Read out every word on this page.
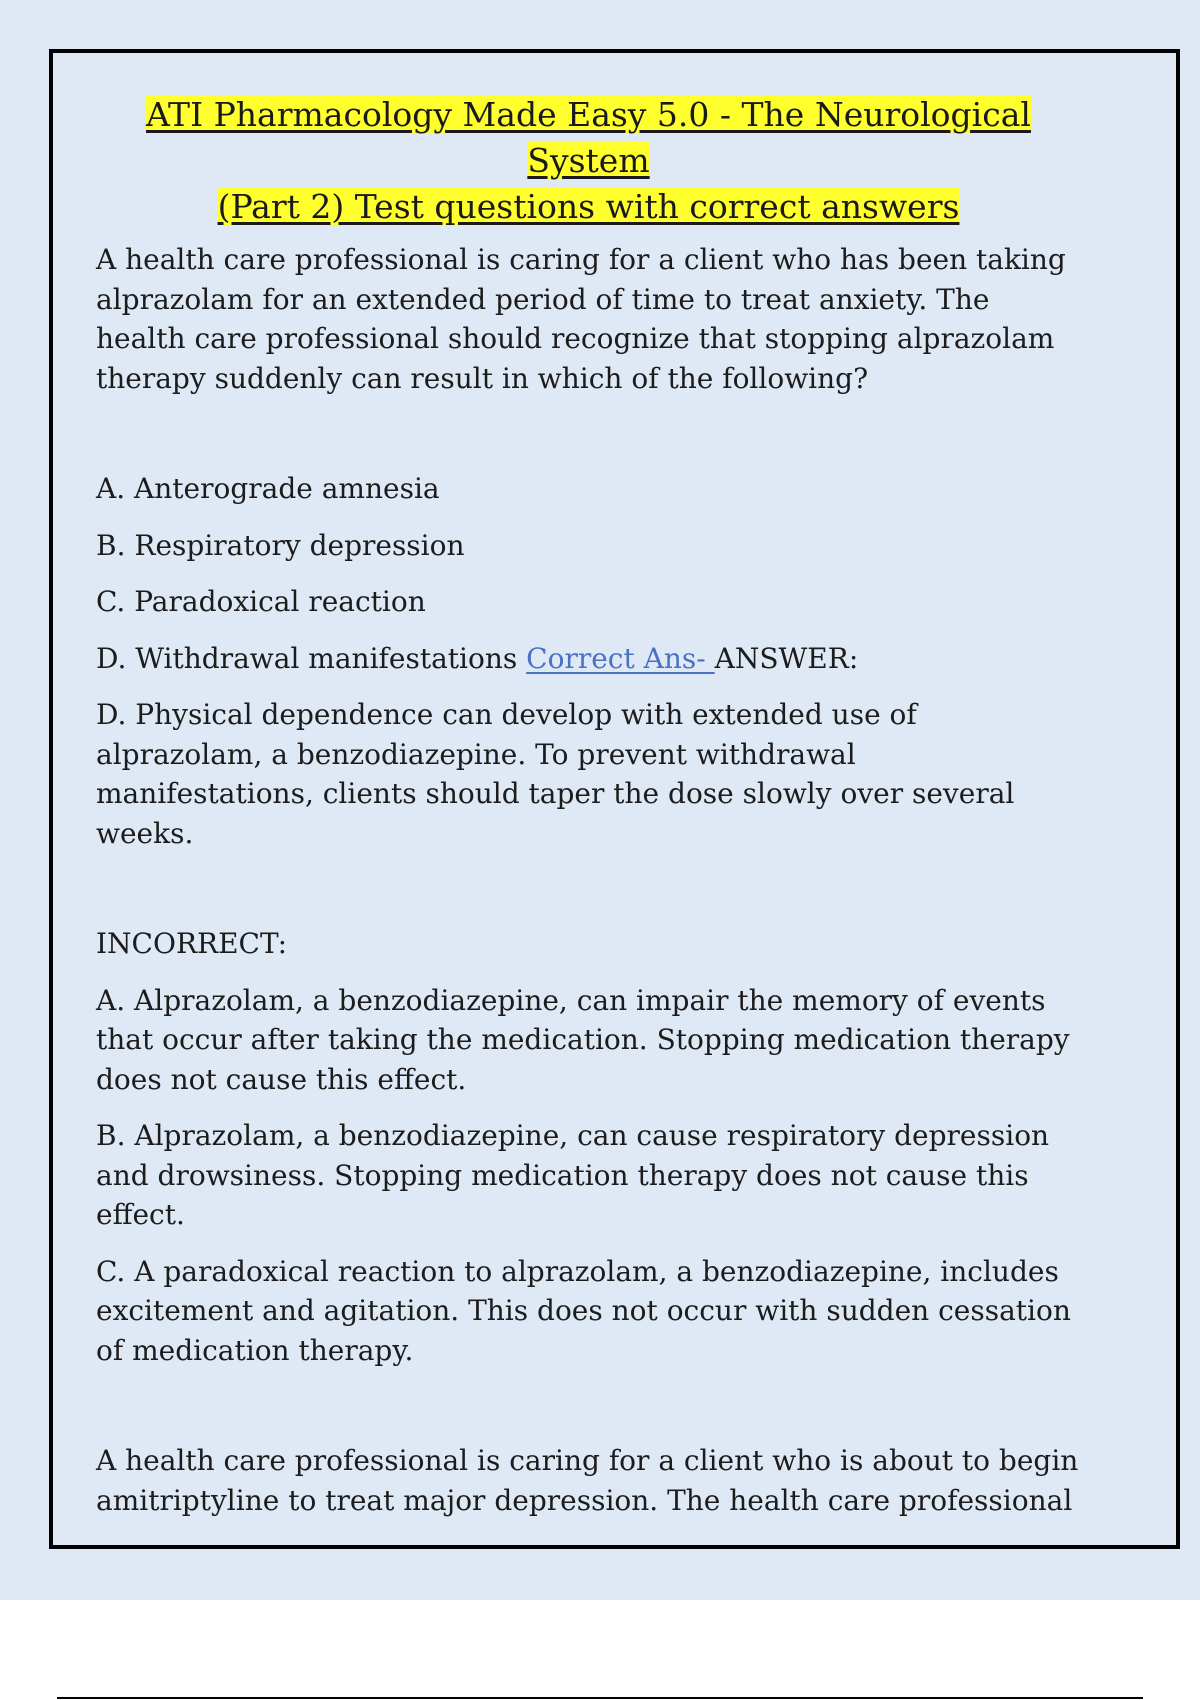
ATI Pharmacology Made Easy 5.0 - The Neurological System
(Part 2) Test questions with correct answers

A health care professional is caring for a client who has been taking alprazolam for an extended period of time to treat anxiety. The health care professional should recognize that stopping alprazolam therapy suddenly can result in which of the following?

A. Anterograde amnesia

B. Respiratory depression

C. Paradoxical reaction

D. Withdrawal manifestations Correct Ans- ANSWER:

D. Physical dependence can develop with extended use of alprazolam, a benzodiazepine. To prevent withdrawal manifestations, clients should taper the dose slowly over several weeks.

INCORRECT:

A. Alprazolam, a benzodiazepine, can impair the memory of events that occur after taking the medication. Stopping medication therapy does not cause this effect.

B. Alprazolam, a benzodiazepine, can cause respiratory depression and drowsiness. Stopping medication therapy does not cause this effect.

C. A paradoxical reaction to alprazolam, a benzodiazepine, includes excitement and agitation. This does not occur with sudden cessation of medication therapy.

A health care professional is caring for a client who is about to begin amitriptyline to treat major depression. The health care professional
